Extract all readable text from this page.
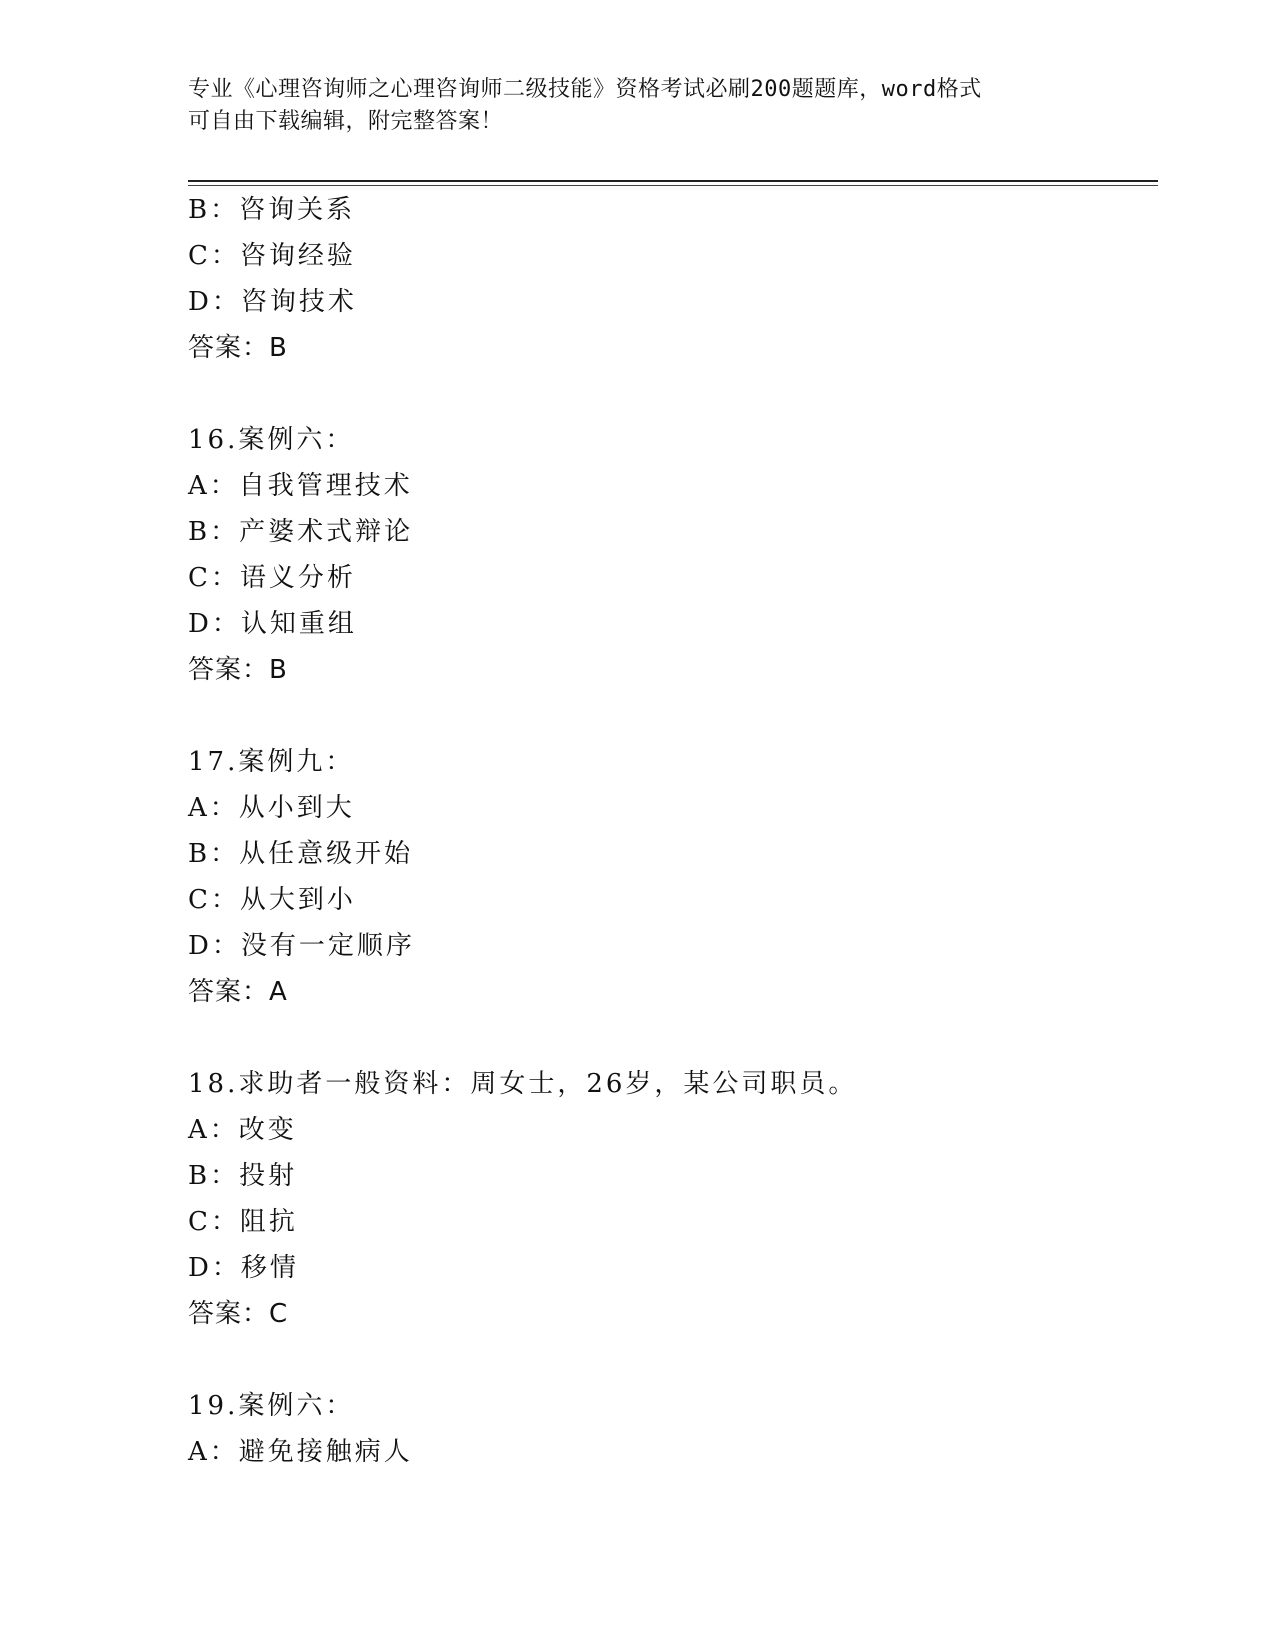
专业《心理咨询师之心理咨询师二级技能》资格考试必刷200题题库，word格式
可自由下载编辑，附完整答案！
B：咨询关系
C：咨询经验
D：咨询技术
答案：B
16.案例六：
A：自我管理技术
B：产婆术式辩论
C：语义分析
D：认知重组
答案：B
17.案例九：
A：从小到大
B：从任意级开始
C：从大到小
D：没有一定顺序
答案：A
18.求助者一般资料：周女士，26岁，某公司职员。
A：改变
B：投射
C：阻抗
D：移情
答案：C
19.案例六：
A：避免接触病人
